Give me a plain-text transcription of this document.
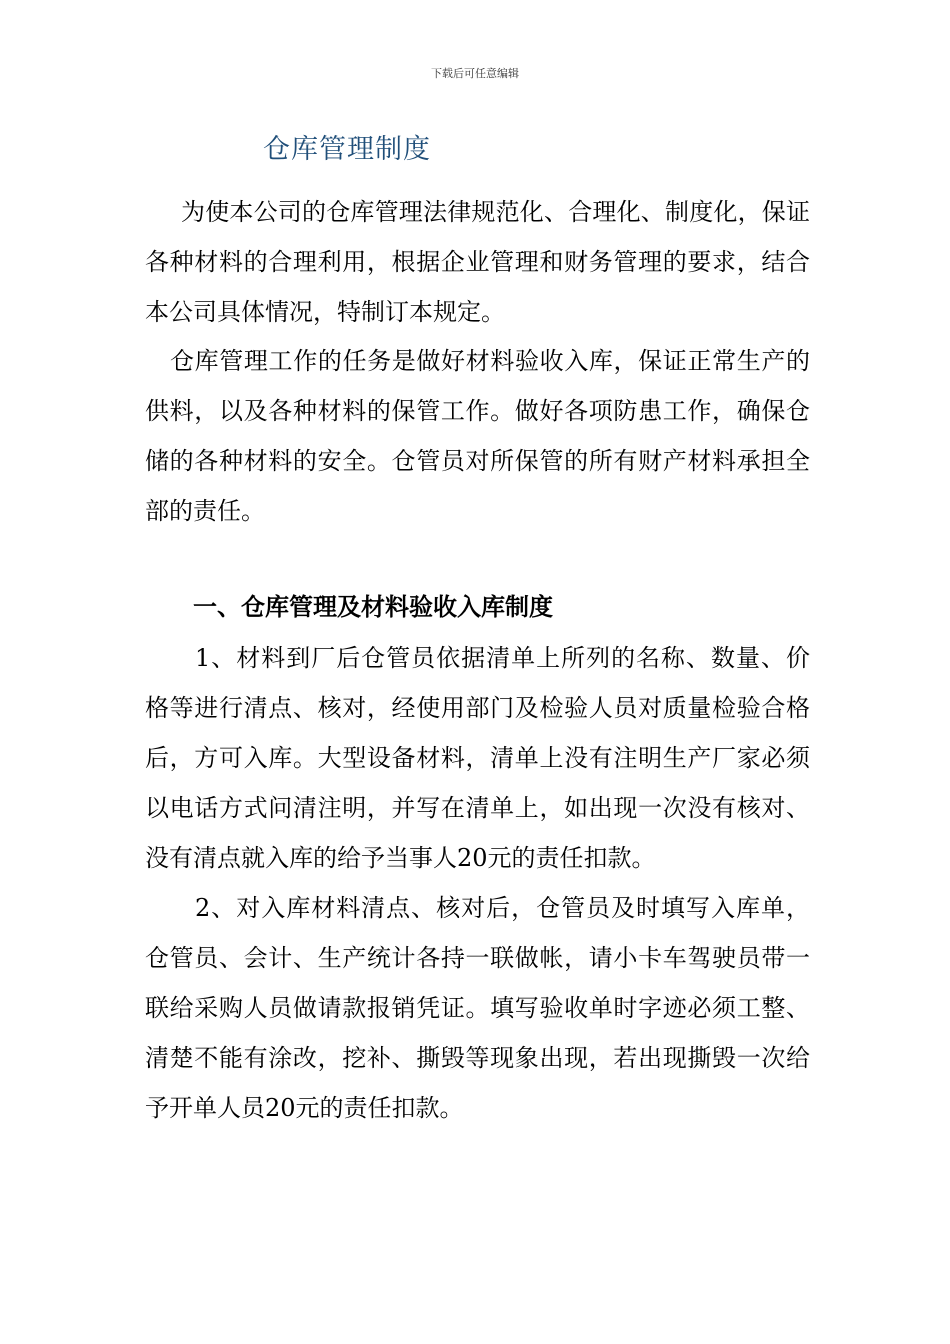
下载后可任意编辑
仓库管理制度

为使本公司的仓库管理法律规范化、合理化、制度化，保证各种材料的合理利用，根据企业管理和财务管理的要求，结合本公司具体情况，特制订本规定。

仓库管理工作的任务是做好材料验收入库，保证正常生产的供料，以及各种材料的保管工作。做好各项防患工作，确保仓储的各种材料的安全。仓管员对所保管的所有财产材料承担全部的责任。

一、仓库管理及材料验收入库制度

1、材料到厂后仓管员依据清单上所列的名称、数量、价格等进行清点、核对，经使用部门及检验人员对质量检验合格后，方可入库。大型设备材料，清单上没有注明生产厂家必须以电话方式问清注明，并写在清单上，如出现一次没有核对、没有清点就入库的给予当事人20元的责任扣款。

2、对入库材料清点、核对后，仓管员及时填写入库单，仓管员、会计、生产统计各持一联做帐，请小卡车驾驶员带一联给采购人员做请款报销凭证。填写验收单时字迹必须工整、清楚不能有涂改，挖补、撕毁等现象出现，若出现撕毁一次给予开单人员20元的责任扣款。
